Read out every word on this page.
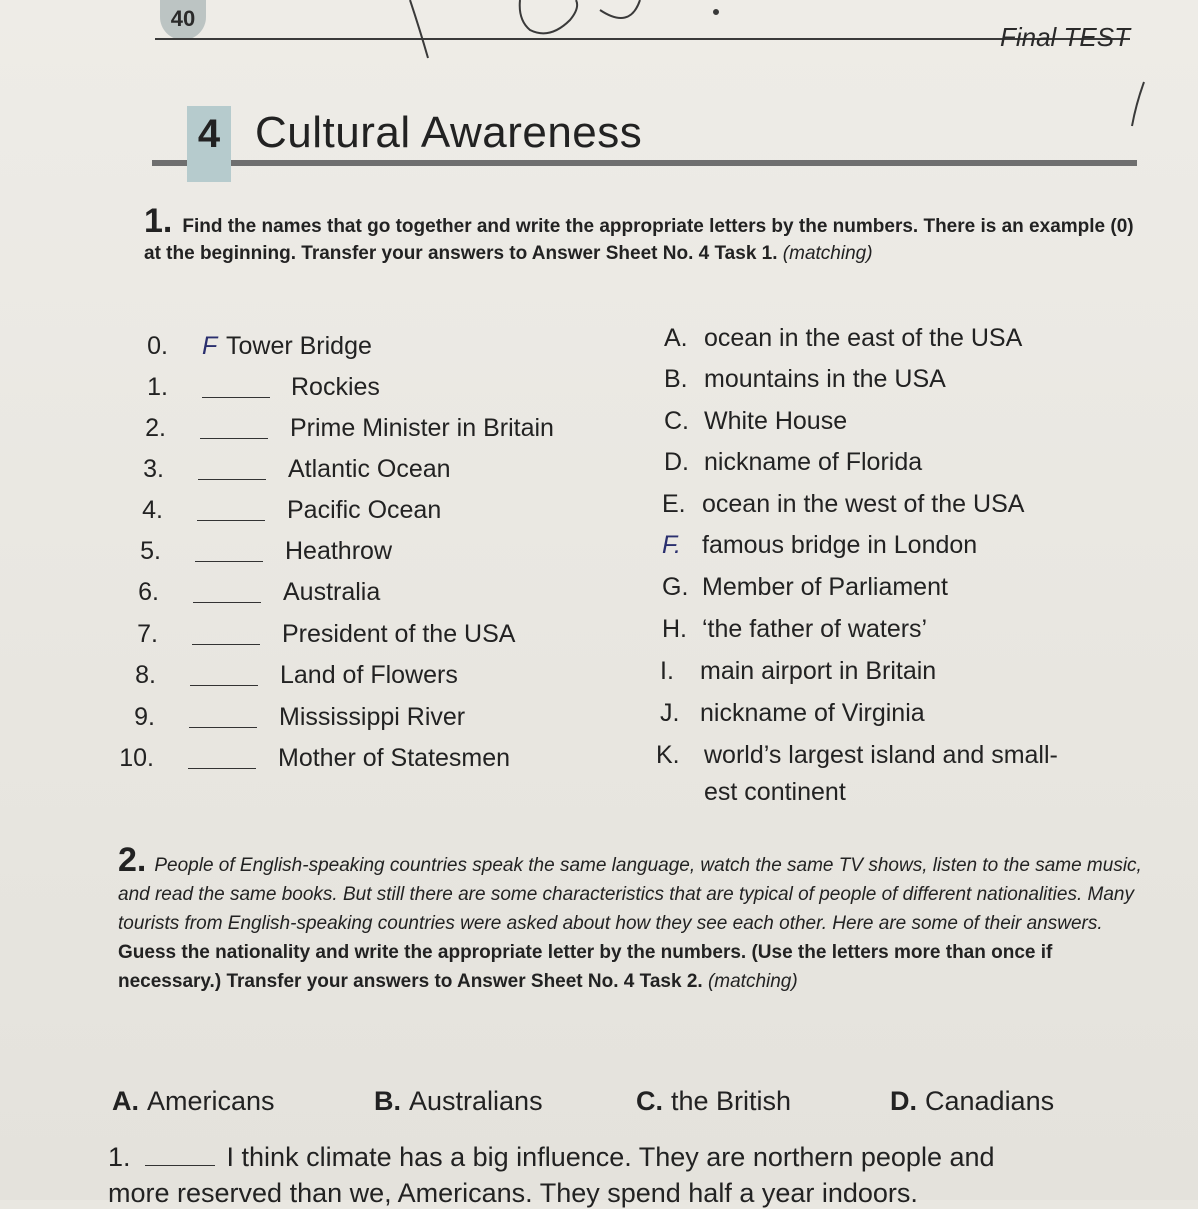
40
Final TEST
4 Cultural Awareness
1. Find the names that go together and write the appropriate letters by the numbers. There is an example (0) at the beginning. Transfer your answers to Answer Sheet No. 4 Task 1. (matching)
0. F Tower Bridge
1.	Rockies
2.	Prime Minister in Britain
3.	Atlantic Ocean
4.	Pacific Ocean
5.	Heathrow
6.	Australia
7.	President of the USA
8.	Land of Flowers
9.	Mississippi River
10.	Mother of Statesmen
A. ocean in the east of the USA
B. mountains in the USA
C. White House
D. nickname of Florida
E. ocean in the west of the USA
F. famous bridge in London
G. Member of Parliament
H. ‘the father of waters’
I. main airport in Britain
J. nickname of Virginia
K. world’s largest island and small-
est continent
2. People of English-speaking countries speak the same language, watch the same TV shows, listen to the same music, and read the same books. But still there are some characteristics that are typical of people of different nationalities. Many tourists from English-speaking countries were asked about how they see each other. Here are some of their answers. Guess the nationality and write the appropriate letter by the numbers. (Use the letters more than once if necessary.) Transfer your answers to Answer Sheet No. 4 Task 2. (matching)
A. Americans	B. Australians	C. the British	D. Canadians
1.	I think climate has a big influence. They are northern people and
more reserved than we, Americans. They spend half a year indoors.
